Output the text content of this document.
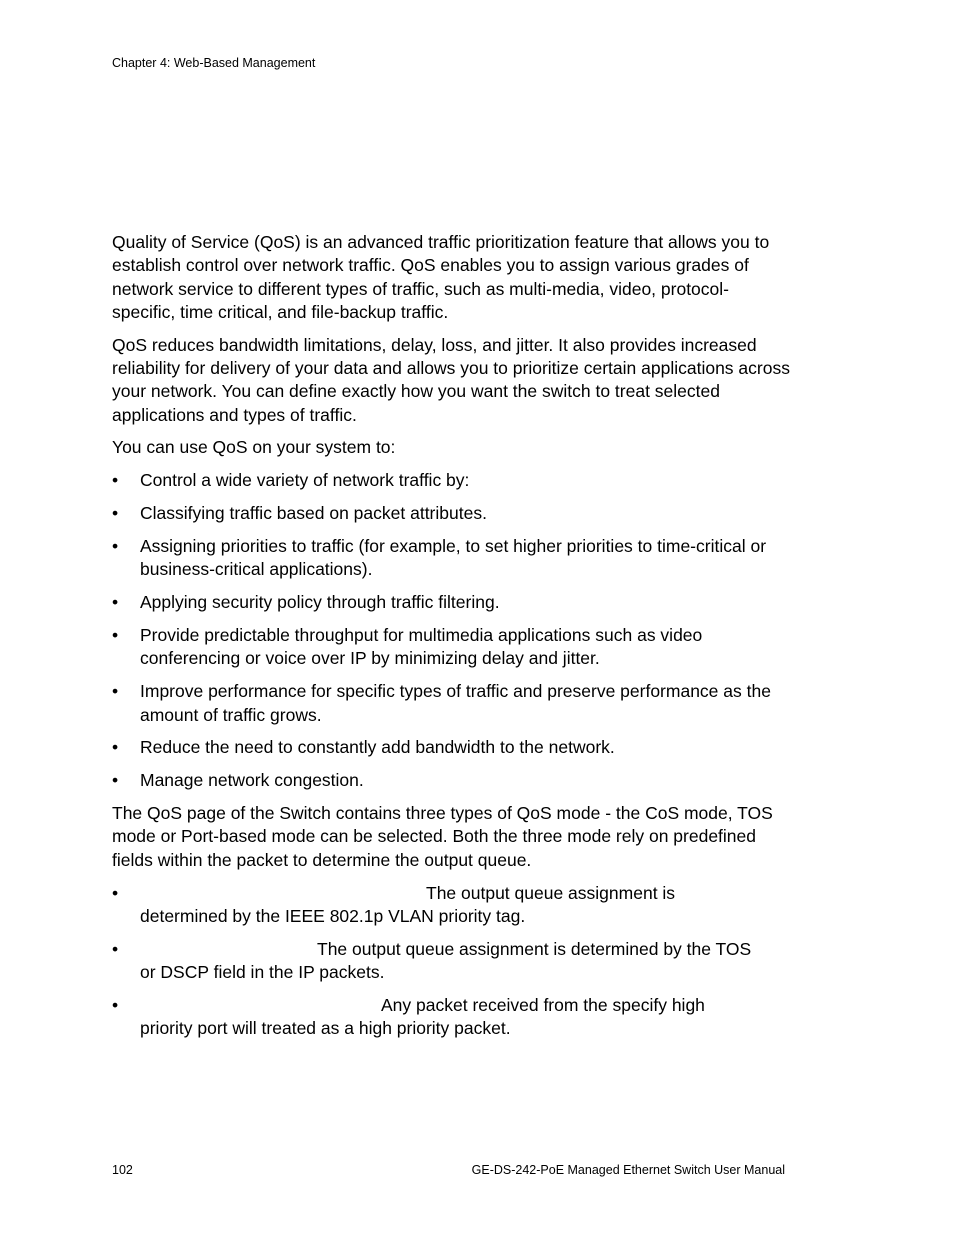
Chapter 4: Web-Based Management

Quality of Service (QoS) is an advanced traffic prioritization feature that allows you to establish control over network traffic. QoS enables you to assign various grades of network service to different types of traffic, such as multi-media, video, protocol-specific, time critical, and file-backup traffic.

QoS reduces bandwidth limitations, delay, loss, and jitter. It also provides increased reliability for delivery of your data and allows you to prioritize certain applications across your network. You can define exactly how you want the switch to treat selected applications and types of traffic.

You can use QoS on your system to:

• Control a wide variety of network traffic by:
• Classifying traffic based on packet attributes.
• Assigning priorities to traffic (for example, to set higher priorities to time-critical or business-critical applications).
• Applying security policy through traffic filtering.
• Provide predictable throughput for multimedia applications such as video conferencing or voice over IP by minimizing delay and jitter.
• Improve performance for specific types of traffic and preserve performance as the amount of traffic grows.
• Reduce the need to constantly add bandwidth to the network.
• Manage network congestion.

The QoS page of the Switch contains three types of QoS mode - the CoS mode, TOS mode or Port-based mode can be selected. Both the three mode rely on predefined fields within the packet to determine the output queue.

• The output queue assignment is
determined by the IEEE 802.1p VLAN priority tag.
• The output queue assignment is determined by the TOS
or DSCP field in the IP packets.
• Any packet received from the specify high
priority port will treated as a high priority packet.
102	GE-DS-242-PoE Managed Ethernet Switch User Manual
